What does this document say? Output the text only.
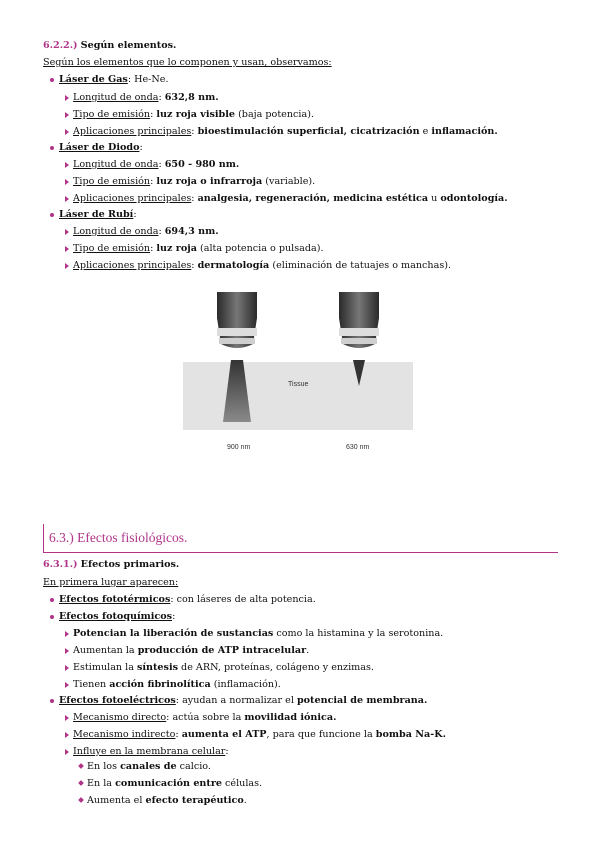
6.2.2.) Según elementos.
Según los elementos que lo componen y usan, observamos:
Láser de Gas: He-Ne.
Longitud de onda: 632,8 nm.
Tipo de emisión: luz roja visible (baja potencia).
Aplicaciones principales: bioestimulación superficial, cicatrización e inflamación.
Láser de Diodo:
Longitud de onda: 650 - 980 nm.
Tipo de emisión: luz roja o infrarroja (variable).
Aplicaciones principales: analgesia, regeneración, medicina estética u odontología.
Láser de Rubí:
Longitud de onda: 694,3 nm.
Tipo de emisión: luz roja (alta potencia o pulsada).
Aplicaciones principales: dermatología (eliminación de tatuajes o manchas).
Tissue
900 nm	630 nm
6.3.) Efectos fisiológicos.
6.3.1.) Efectos primarios.
En primera lugar aparecen:
Efectos fototérmicos: con láseres de alta potencia.
Efectos fotoquímicos:
Potencian la liberación de sustancias como la histamina y la serotonina.
Aumentan la producción de ATP intracelular.
Estimulan la síntesis de ARN, proteínas, colágeno y enzimas.
Tienen acción fibrinolítica (inflamación).
Efectos fotoeléctricos: ayudan a normalizar el potencial de membrana.
Mecanismo directo: actúa sobre la movilidad iónica.
Mecanismo indirecto: aumenta el ATP, para que funcione la bomba Na-K.
Influye en la membrana celular:
En los canales de calcio.
En la comunicación entre células.
Aumenta el efecto terapéutico.
